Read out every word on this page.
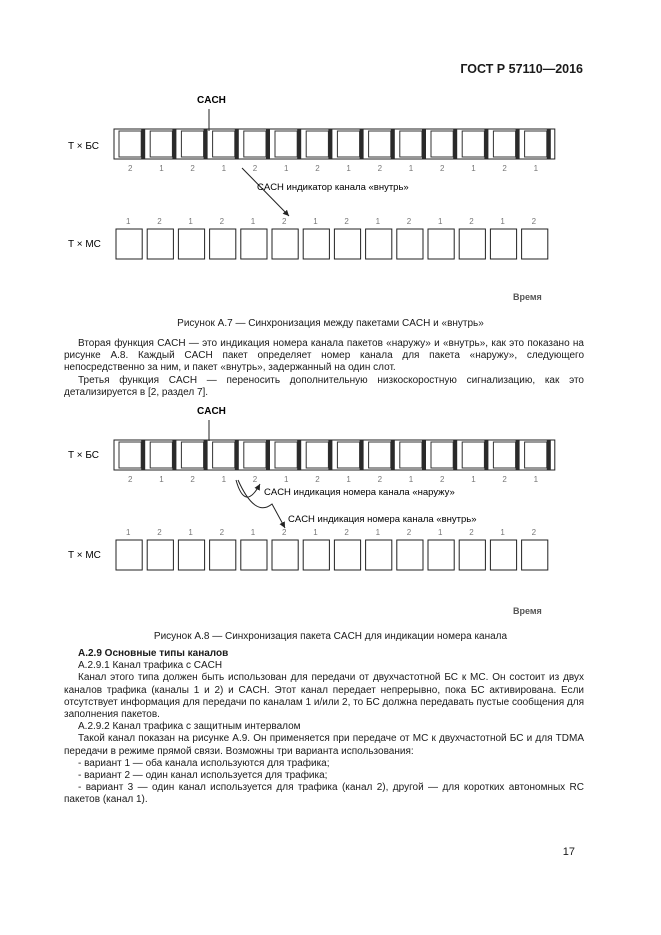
ГОСТ Р 57110—2016
CACH
T × БС
T × МС
2	1	2	1	2	1	2	1	2	1	2	1	2	1
1	2	1	2	1	2	1	2	1	2	1	2	1	2
CACH индикатор канала «внутрь»
Время
Рисунок А.7 — Синхронизация между пакетами CACH и «внутрь»

Вторая функция CACH — это индикация номера канала пакетов «наружу» и «внутрь», как это показано на рисунке А.8. Каждый CACH пакет определяет номер канала для пакета «наружу», следующего непосредственно за ним, и пакет «внутрь», задержанный на один слот.

Третья функция CACH — переносить дополнительную низкоскоростную сигнализацию, как это детализируется в [2, раздел 7].

CACH
T × БС
T × МС
2	1	2	1	2	1	2	1	2	1	2	1	2	1
1	2	1	2	1	2	1	2	1	2	1	2	1	2
CACH индикация номера канала «наружу»
CACH индикация номера канала «внутрь»
Время
Рисунок А.8 — Синхронизация пакета CACH для индикации номера канала

А.2.9 Основные типы каналов

А.2.9.1 Канал трафика с CACH

Канал этого типа должен быть использован для передачи от двухчастотной БС к МС. Он состоит из двух каналов трафика (каналы 1 и 2) и CACH. Этот канал передает непрерывно, пока БС активирована. Если отсутствует информация для передачи по каналам 1 и/или 2, то БС должна передавать пустые сообщения для заполнения пакетов.

А.2.9.2 Канал трафика с защитным интервалом

Такой канал показан на рисунке А.9. Он применяется при передаче от МС к двухчастотной БС и для TDMA передачи в режиме прямой связи. Возможны три варианта использования:

- вариант 1 — оба канала используются для трафика;

- вариант 2 — один канал используется для трафика;

- вариант 3 — один канал используется для трафика (канал 2), другой — для коротких автономных RC пакетов (канал 1).

17
